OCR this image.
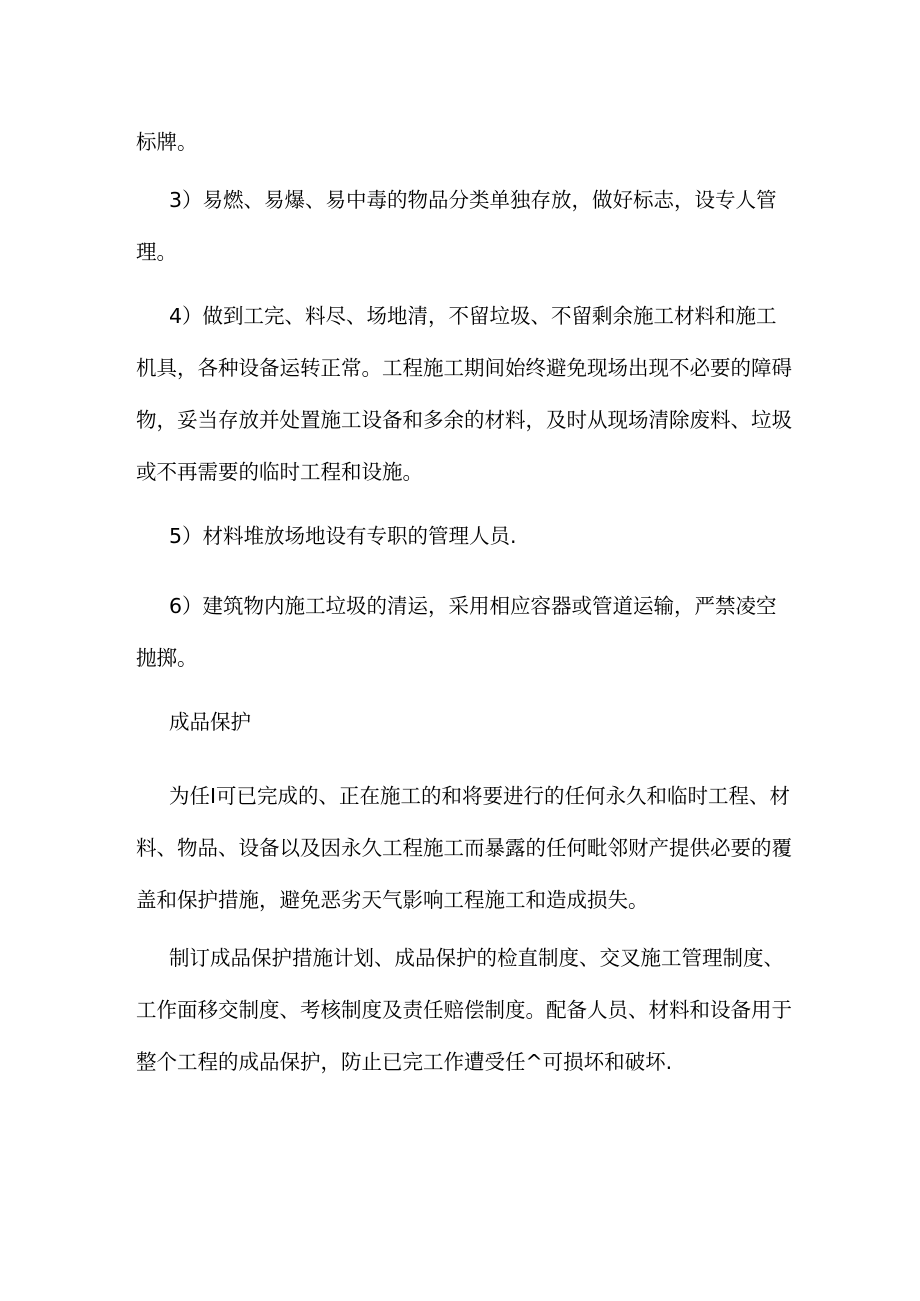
标牌。

3）易燃、易爆、易中毒的物品分类单独存放，做好标志，设专人管理。

4）做到工完、料尽、场地清，不留垃圾、不留剩余施工材料和施工机具，各种设备运转正常。工程施工期间始终避免现场出现不必要的障碍物，妥当存放并处置施工设备和多余的材料，及时从现场清除废料、垃圾或不再需要的临时工程和设施。

5）材料堆放场地设有专职的管理人员.

6）建筑物内施工垃圾的清运，采用相应容器或管道运输，严禁凌空抛掷。

成品保护

为任I可已完成的、正在施工的和将要进行的任何永久和临时工程、材料、物品、设备以及因永久工程施工而暴露的任何毗邻财产提供必要的覆盖和保护措施，避免恶劣天气影响工程施工和造成损失。

制订成品保护措施计划、成品保护的检直制度、交叉施工管理制度、工作面移交制度、考核制度及责任赔偿制度。配备人员、材料和设备用于整个工程的成品保护，防止已完工作遭受任^可损坏和破坏.
